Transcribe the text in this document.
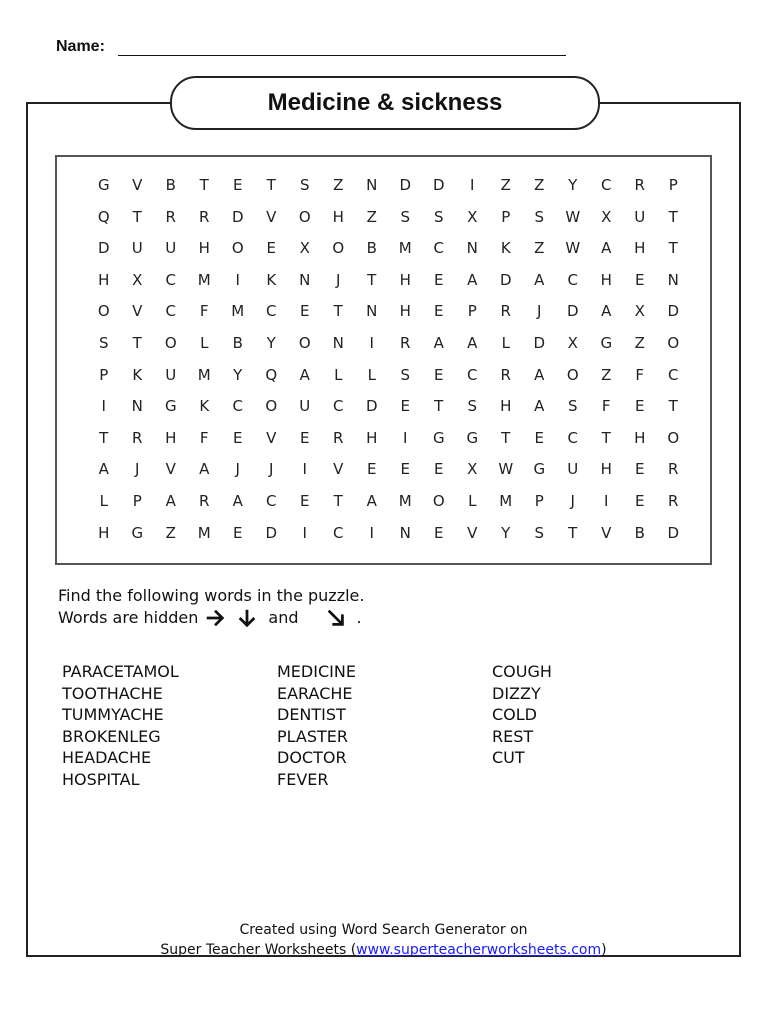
Name:
Medicine & sickness
G	V	B	T	E	T	S	Z	N	D	D	I	Z	Z	Y	C	R	P
Q	T	R	R	D	V	O	H	Z	S	S	X	P	S	W	X	U	T
D	U	U	H	O	E	X	O	B	M	C	N	K	Z	W	A	H	T
H	X	C	M	I	K	N	J	T	H	E	A	D	A	C	H	E	N
O	V	C	F	M	C	E	T	N	H	E	P	R	J	D	A	X	D
S	T	O	L	B	Y	O	N	I	R	A	A	L	D	X	G	Z	O
P	K	U	M	Y	Q	A	L	L	S	E	C	R	A	O	Z	F	C
I	N	G	K	C	O	U	C	D	E	T	S	H	A	S	F	E	T
T	R	H	F	E	V	E	R	H	I	G	G	T	E	C	T	H	O
A	J	V	A	J	J	I	V	E	E	E	X	W	G	U	H	E	R
L	P	A	R	A	C	E	T	A	M	O	L	M	P	J	I	E	R
H	G	Z	M	E	D	I	C	I	N	E	V	Y	S	T	V	B	D
Find the following words in the puzzle.
Words are hidden	and	.
PARACETAMOL
TOOTHACHE
TUMMYACHE
BROKENLEG
HEADACHE
HOSPITAL
MEDICINE
EARACHE
DENTIST
PLASTER
DOCTOR
FEVER
COUGH
DIZZY
COLD
REST
CUT
Created using Word Search Generator on
Super Teacher Worksheets (www.superteacherworksheets.com)
